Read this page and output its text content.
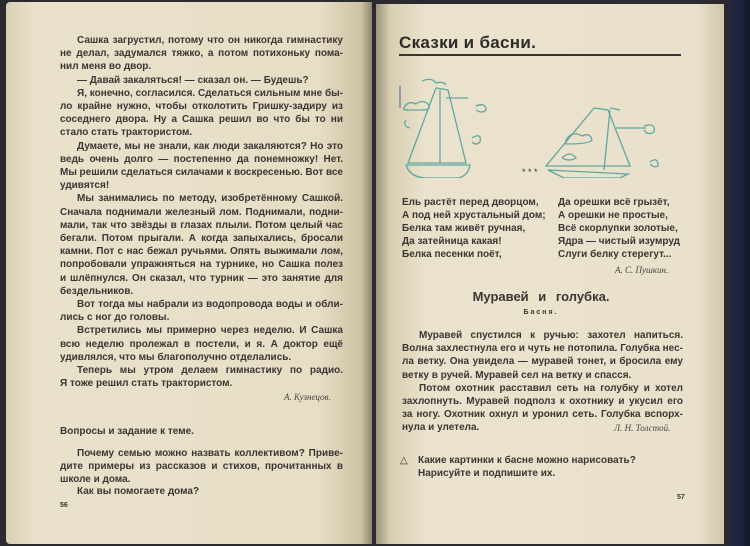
Сашка загрустил, потому что он никогда гимнастику
не делал, задумался тяжко, а потом потихоньку пома-
нил меня во двор.
— Давай закаляться! — сказал он. — Будешь?
Я, конечно, согласился. Сделаться сильным мне бы-
ло крайне нужно, чтобы отколотить Гришку-задиру из
соседнего двора. Ну а Сашка решил во что бы то ни
стало стать трактористом.
Думаете, мы не знали, как люди закаляются? Но это
ведь очень долго — постепенно да понемножку! Нет.
Мы решили сделаться силачами к воскресенью. Вот все
удивятся!
Мы занимались по методу, изобретённому Сашкой.
Сначала поднимали железный лом. Поднимали, подни-
мали, так что звёзды в глазах плыли. Потом целый час
бегали. Потом прыгали. А когда запыхались, бросали
камни. Пот с нас бежал ручьями. Опять выжимали лом,
попробовали упражняться на турнике, но Сашка полез
и шлёпнулся. Он сказал, что турник — это занятие для
бездельников.
Вот тогда мы набрали из водопровода воды и обли-
лись с ног до головы.
Встретились мы примерно через неделю. И Сашка
всю неделю пролежал в постели, и я. А доктор ещё
удивлялся, что мы благополучно отделались.
Теперь мы утром делаем гимнастику по радио.
Я тоже решил стать трактористом.
А. Кузнецов.
Вопросы и задание к теме.
Почему семью можно назвать коллективом? Приве-
дите примеры из рассказов и стихов, прочитанных в
школе и дома.
Как вы помогаете дома?
56
Сказки и басни.
* * *
Ель растёт перед дворцом,
А под ней хрустальный дом;
Белка там живёт ручная,
Да затейница какая!
Белка песенки поёт,
Да орешки всё грызёт,
А орешки не простые,
Всё скорлупки золотые,
Ядра — чистый изумруд
Слуги белку стерегут...
А. С. Пушкин.
Муравей и голубка.
Басня.
Муравей спустился к ручью: захотел напиться.
Волна захлестнула его и чуть не потопила. Голубка нес-
ла ветку. Она увидела — муравей тонет, и бросила ему
ветку в ручей. Муравей сел на ветку и спасся.
Потом охотник расставил сеть на голубку и хотел
захлопнуть. Муравей подполз к охотнику и укусил его
за ногу. Охотник охнул и уронил сеть. Голубка вспорх-
нула и улетела.	Л. Н. Толстой.
△ Какие картинки к басне можно нарисовать?
Нарисуйте и подпишите их.
57
